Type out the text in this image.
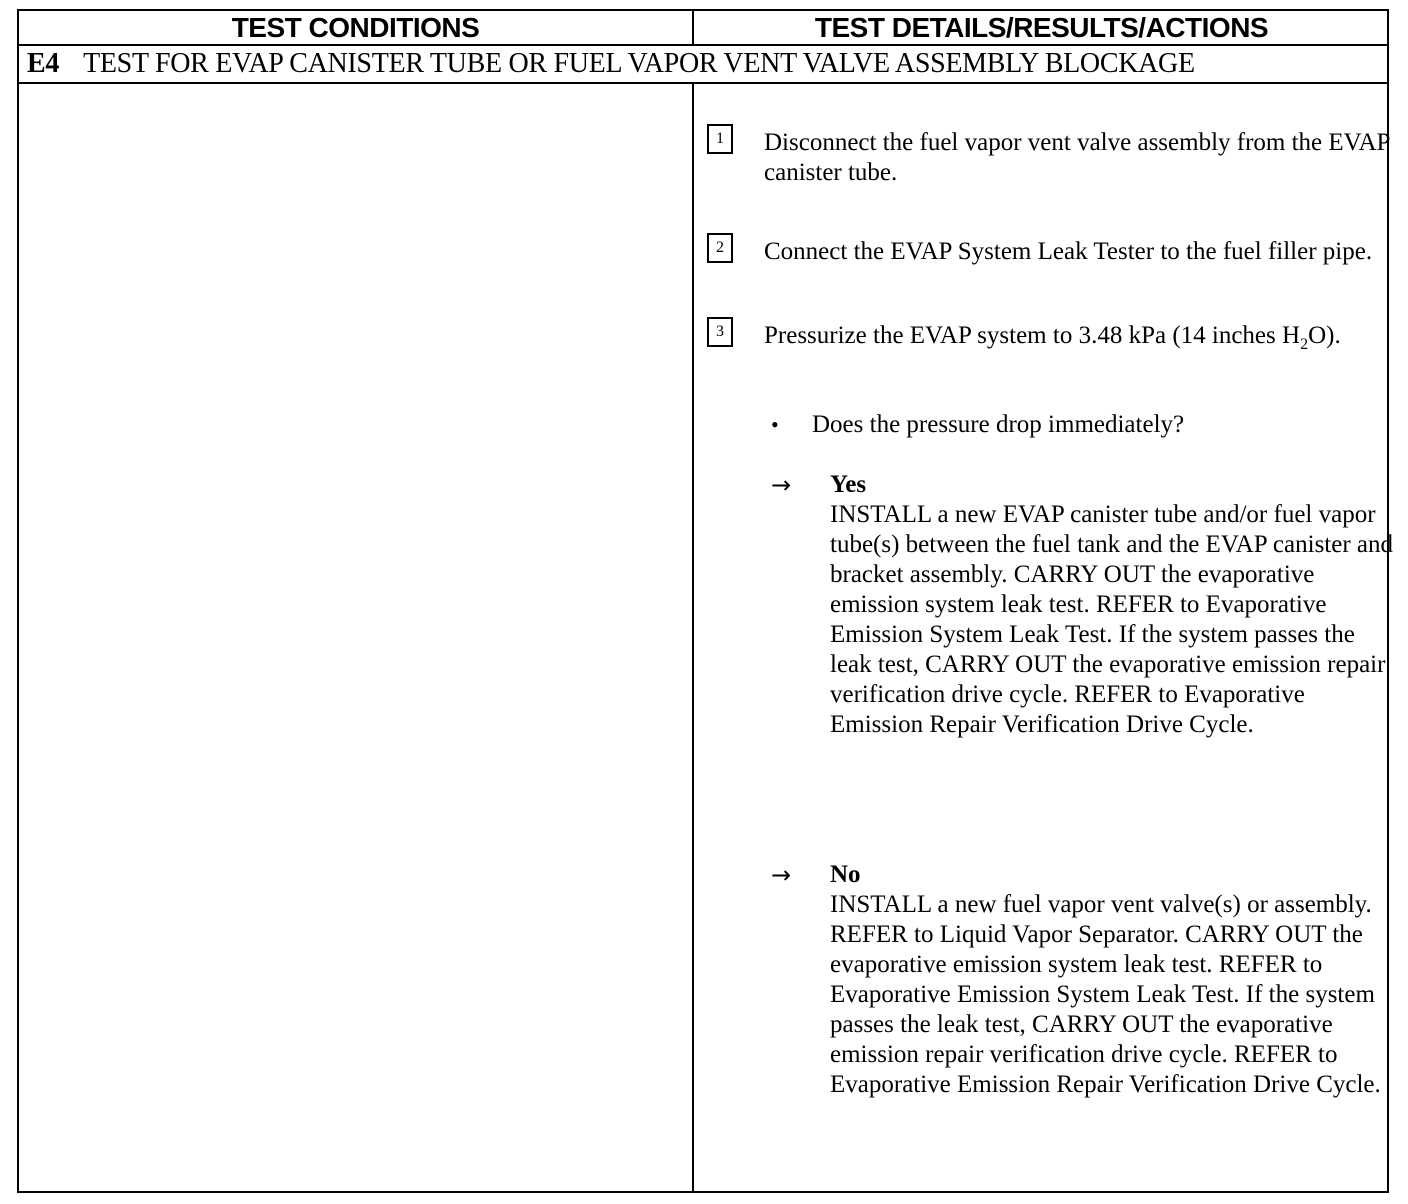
TEST CONDITIONS	TEST DETAILS/RESULTS/ACTIONS
E4 TEST FOR EVAP CANISTER TUBE OR FUEL VAPOR VENT VALVE ASSEMBLY BLOCKAGE
1	Disconnect the fuel vapor vent valve assembly from the EVAP canister tube.
2	Connect the EVAP System Leak Tester to the fuel filler pipe.
3	Pressurize the EVAP system to 3.48 kPa (14 inches $H_2O$).
• Does the pressure drop immediately?
→ Yes
INSTALL a new EVAP canister tube and/or fuel vapor tube(s) between the fuel tank and the EVAP canister and bracket assembly. CARRY OUT the evaporative emission system leak test. REFER to Evaporative Emission System Leak Test. If the system passes the leak test, CARRY OUT the evaporative emission repair verification drive cycle. REFER to Evaporative Emission Repair Verification Drive Cycle.
→ No
INSTALL a new fuel vapor vent valve(s) or assembly. REFER to Liquid Vapor Separator. CARRY OUT the evaporative emission system leak test. REFER to Evaporative Emission System Leak Test. If the system passes the leak test, CARRY OUT the evaporative emission repair verification drive cycle. REFER to Evaporative Emission Repair Verification Drive Cycle.
